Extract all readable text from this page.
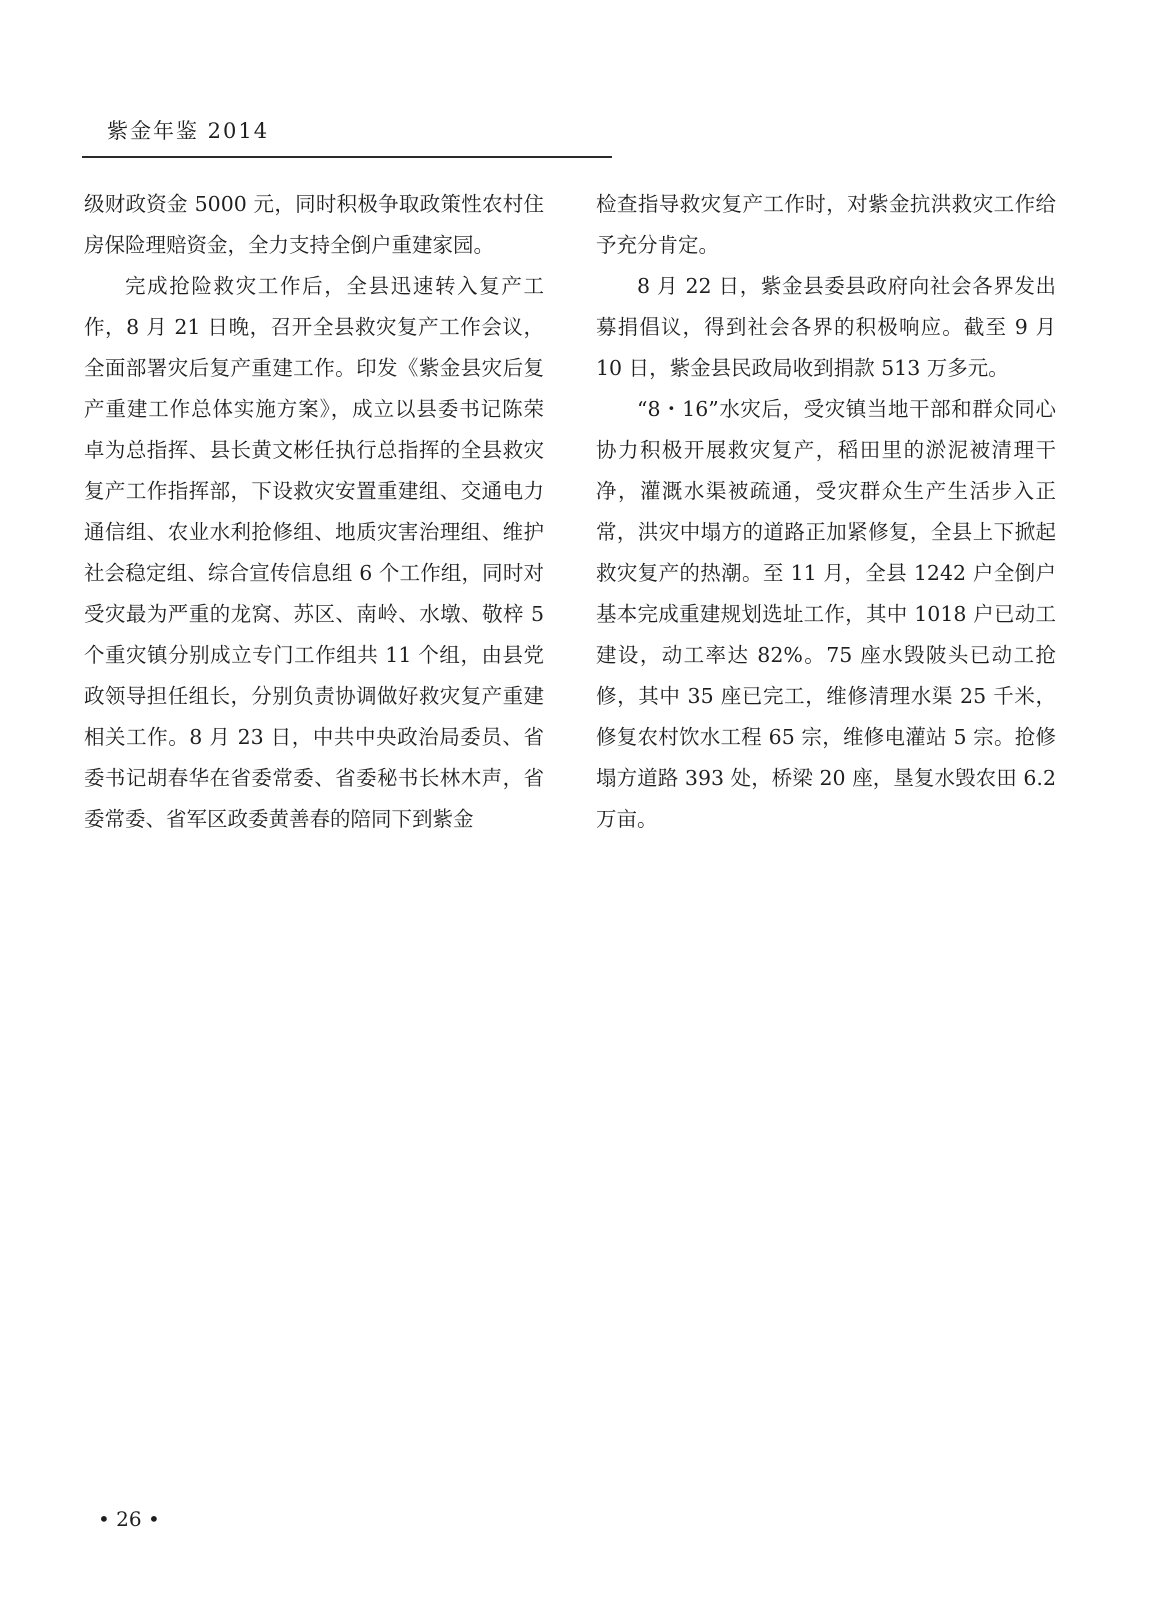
紫金年鉴 2014

级财政资金 5000 元，同时积极争取政策性农村住房保险理赔资金，全力支持全倒户重建家园。

完成抢险救灾工作后，全县迅速转入复产工作，8 月 21 日晚，召开全县救灾复产工作会议，全面部署灾后复产重建工作。印发《紫金县灾后复产重建工作总体实施方案》，成立以县委书记陈荣卓为总指挥、县长黄文彬任执行总指挥的全县救灾复产工作指挥部，下设救灾安置重建组、交通电力通信组、农业水利抢修组、地质灾害治理组、维护社会稳定组、综合宣传信息组 6 个工作组，同时对受灾最为严重的龙窝、苏区、南岭、水墩、敬梓 5 个重灾镇分别成立专门工作组共 11 个组，由县党政领导担任组长，分别负责协调做好救灾复产重建相关工作。8 月 23 日，中共中央政治局委员、省委书记胡春华在省委常委、省委秘书长林木声，省委常委、省军区政委黄善春的陪同下到紫金

检查指导救灾复产工作时，对紫金抗洪救灾工作给予充分肯定。

8 月 22 日，紫金县委县政府向社会各界发出募捐倡议，得到社会各界的积极响应。截至 9 月 10 日，紫金县民政局收到捐款 513 万多元。

“8・16”水灾后，受灾镇当地干部和群众同心协力积极开展救灾复产，稻田里的淤泥被清理干净，灌溉水渠被疏通，受灾群众生产生活步入正常，洪灾中塌方的道路正加紧修复，全县上下掀起救灾复产的热潮。至 11 月，全县 1242 户全倒户基本完成重建规划选址工作，其中 1018 户已动工建设，动工率达 82%。75 座水毁陂头已动工抢修，其中 35 座已完工，维修清理水渠 25 千米，修复农村饮水工程 65 宗，维修电灌站 5 宗。抢修塌方道路 393 处，桥梁 20 座，垦复水毁农田 6.2 万亩。

• 26 •
